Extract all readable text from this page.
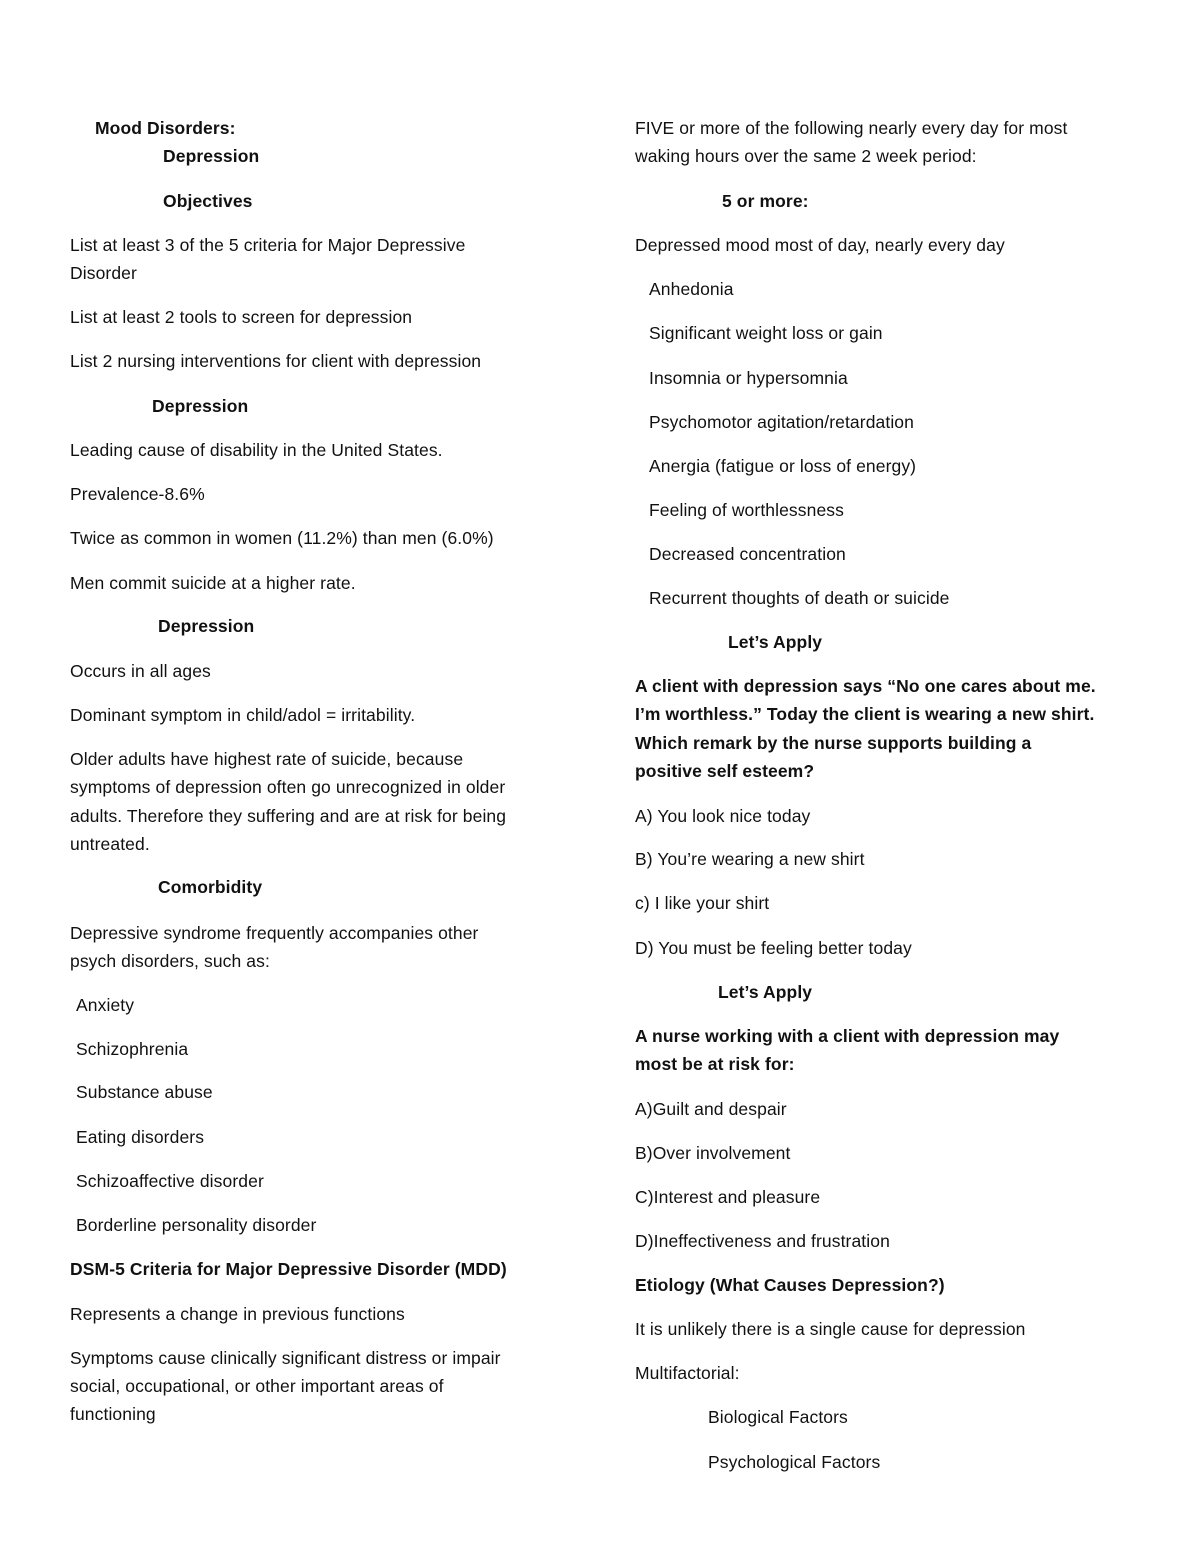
Mood Disorders:

Depression

Objectives

List at least 3 of the 5 criteria for Major Depressive

Disorder

List at least 2 tools to screen for depression

List 2 nursing interventions for client with depression

Depression

Leading cause of disability in the United States.

Prevalence-8.6%

Twice as common in women (11.2%) than men (6.0%)

Men commit suicide at a higher rate.

Depression

Occurs in all ages

Dominant symptom in child/adol = irritability.

Older adults have highest rate of suicide, because

symptoms of depression often go unrecognized in older

adults. Therefore they suffering and are at risk for being

untreated.

Comorbidity

Depressive syndrome frequently accompanies other

psych disorders, such as:

Anxiety

Schizophrenia

Substance abuse

Eating disorders

Schizoaffective disorder

Borderline personality disorder

DSM-5 Criteria for Major Depressive Disorder (MDD)

Represents a change in previous functions

Symptoms cause clinically significant distress or impair

social, occupational, or other important areas of

functioning

FIVE or more of the following nearly every day for most

waking hours over the same 2 week period:

5 or more:

Depressed mood most of day, nearly every day

Anhedonia

Significant weight loss or gain

Insomnia or hypersomnia

Psychomotor agitation/retardation

Anergia (fatigue or loss of energy)

Feeling of worthlessness

Decreased concentration

Recurrent thoughts of death or suicide

Let’s Apply

A client with depression says “No one cares about me.

I’m worthless.” Today the client is wearing a new shirt.

Which remark by the nurse supports building a

positive self esteem?

A) You look nice today

B) You’re wearing a new shirt

c) I like your shirt

D) You must be feeling better today

Let’s Apply

A nurse working with a client with depression may

most be at risk for:

A)Guilt and despair

B)Over involvement

C)Interest and pleasure

D)Ineffectiveness and frustration

Etiology (What Causes Depression?)

It is unlikely there is a single cause for depression

Multifactorial:

Biological Factors

Psychological Factors
